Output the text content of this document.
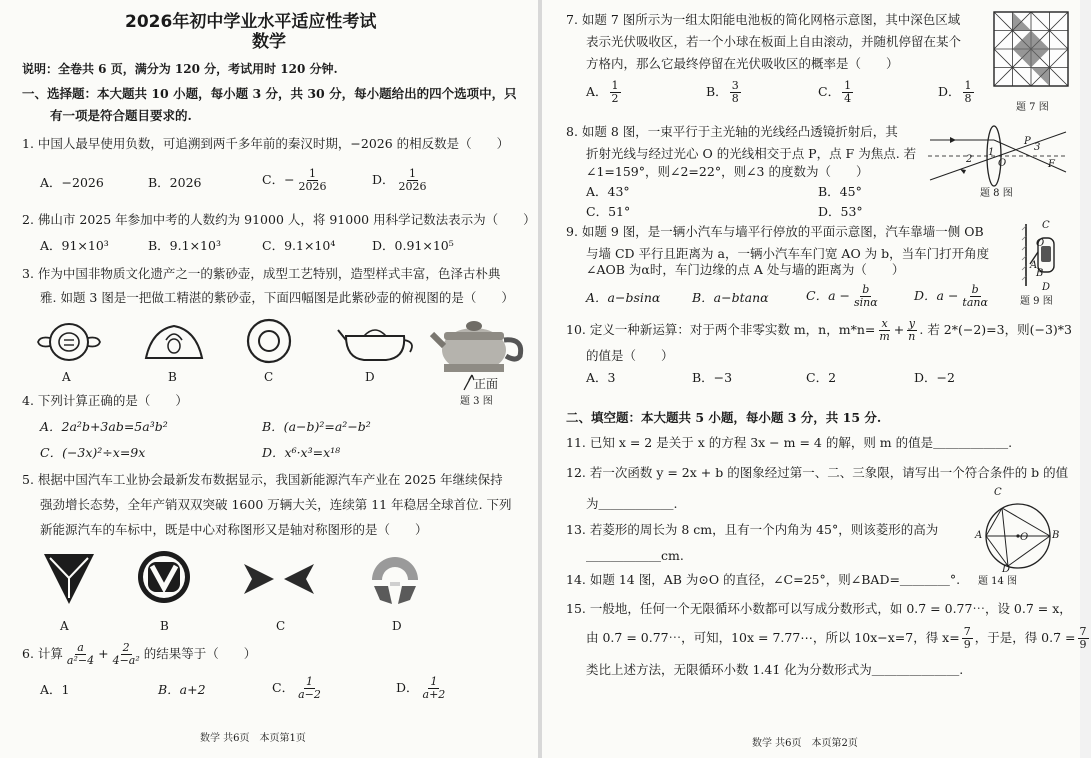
2026年初中学业水平适应性考试
数学
说明：全卷共 6 页，满分为 120 分，考试用时 120 分钟.
一、选择题：本大题共 10 小题，每小题 3 分，共 30 分，每小题给出的四个选项中，只
有一项是符合题目要求的.
1. 中国人最早使用负数，可追溯到两千多年前的秦汉时期，−2026 的相反数是（　　）
A．−2026	B．2026	C．− $\frac{1}{2026}$	D． $\frac{1}{2026}$
2. 佛山市 2025 年参加中考的人数约为 91000 人，将 91000 用科学记数法表示为（　　）
A．91×10³	B．9.1×10³	C．9.1×10⁴	D．0.91×10⁵
3. 作为中国非物质文化遗产之一的紫砂壶，成型工艺特别，造型样式丰富，色泽古朴典
雅. 如题 3 图是一把做工精湛的紫砂壶，下面四幅图是此紫砂壶的俯视图的是（　　）
A	B	C	D	正面
题 3 图
4. 下列计算正确的是（　　）
A．2a²b+3ab=5a³b²	B．(a−b)²=a²−b²
C．(−3x)²÷x=9x	D．x⁶·x³=x¹⁸
5. 根据中国汽车工业协会最新发布数据显示，我国新能源汽车产业在 2025 年继续保持
强劲增长态势，全年产销双双突破 1600 万辆大关，连续第 11 年稳居全球首位. 下列
新能源汽车的车标中，既是中心对称图形又是轴对称图形的是（　　）
A	B	C	D
6. 计算 $\frac{a}{\text{a²−4}} + \frac{2}{\text{4−a²}}$ 的结果等于（　　）
A．1	B．a+2	C． $\frac{1}{a-2}$	D． $\frac{1}{a+2}$
数学 共6页　本页第1页
7. 如题 7 图所示为一组太阳能电池板的简化网格示意图，其中深色区域
表示光伏吸收区，若一个小球在板面上自由滚动，并随机停留在某个
方格内，那么它最终停留在光伏吸收区的概率是（　　）
题 7 图
A． $\frac{1}{2}$	B． $\frac{3}{8}$	C． $\frac{1}{4}$	D． $\frac{1}{8}$
8. 如题 8 图，一束平行于主光轴的光线经凸透镜折射后，其
折射光线与经过光心 O 的光线相交于点 P，点 F 为焦点. 若
∠1=159°，则∠2=22°，则∠3 的度数为（　　）
1
2
3
O
P
F
题 8 图
A．43°	B．45°
C．51°	D．53°
9. 如题 9 图，是一辆小汽车与墙平行停放的平面示意图，汽车靠墙一侧 OB
与墙 CD 平行且距离为 a，一辆小汽车车门宽 AO 为 b，当车门打开角度
∠AOB 为α时，车门边缘的点 A 处与墙的距离为（　　）
C
O
A
B
D
题 9 图
A．a−bsinα	B．a−btanα	C．$a - \frac{b}{\sin\alpha}$	D．$a - \frac{b}{\tan\alpha}$
10. 定义一种新运算：对于两个非零实数 m，n，$m*n= \frac{x}{m} + \frac{y}{n}$ . 若 2*(−2)=3，则(−3)*3
的值是（　　）
A．3	B．−3	C．2	D．−2
二、填空题：本大题共 5 小题，每小题 3 分，共 15 分.
11. 已知 x = 2 是关于 x 的方程 3x − m = 4 的解，则 m 的值是＿＿＿＿＿＿.
12. 若一次函数 y = 2x + b 的图象经过第一、二、三象限，请写出一个符合条件的 b 的值
为＿＿＿＿＿＿.
13. 若菱形的周长为 8 cm，且有一个内角为 45°，则该菱形的高为
＿＿＿＿＿＿cm.
C
A	O B
D
题 14 图
14. 如题 14 图，AB 为⊙O 的直径，∠C=25°，则∠BAD=＿＿＿＿°.
15. 一般地，任何一个无限循环小数都可以写成分数形式，如 0.7̇ = 0.77⋯，设 0.7̇ = x，
由 0.7̇ = 0.77⋯，可知，10x = 7.77⋯，所以 10x−x=7，得 $x= \frac{7}{9}$ ，于是，得 0.7̇ = $\frac{7}{9}$
类比上述方法，无限循环小数 1.4̇1̇ 化为分数形式为＿＿＿＿＿＿＿.
数学 共6页　本页第2页
